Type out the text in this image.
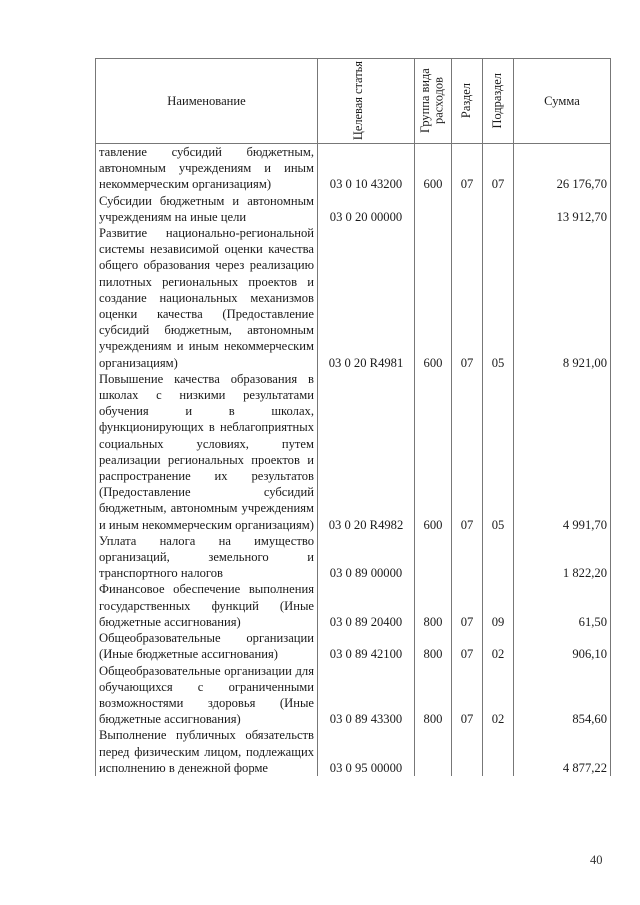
Наименование	Целевая статья	Группа вида расходов	Раздел	Подраздел	Сумма
тавление субсидий бюджетным, автономным учреждениям и иным некоммерческим организациям)	03 0 10 43200	600	07	07	26 176,70
Субсидии бюджетным и автономным учреждениям на иные цели	03 0 20 00000				13 912,70
Развитие национально-региональной системы независимой оценки качества общего образования через реализацию пилотных региональных проектов и создание национальных механизмов оценки качества (Предоставление субсидий бюджетным, автономным учреждениям и иным некоммерческим организациям)	03 0 20 R4981	600	07	05	8 921,00
Повышение качества образования в школах с низкими результатами обучения и в школах, функционирующих в неблагоприятных социальных условиях, путем реализации региональных проектов и распространение их результатов (Предоставление субсидий бюджетным, автономным учреждениям и иным некоммерческим организациям)	03 0 20 R4982	600	07	05	4 991,70
Уплата налога на имущество организаций, земельного и транспортного налогов	03 0 89 00000				1 822,20
Финансовое обеспечение выполнения государственных функций (Иные бюджетные ассигнования)	03 0 89 20400	800	07	09	61,50
Общеобразовательные организации (Иные бюджетные ассигнования)	03 0 89 42100	800	07	02	906,10
Общеобразовательные организации для обучающихся с ограниченными возможностями здоровья (Иные бюджетные ассигнования)	03 0 89 43300	800	07	02	854,60
Выполнение публичных обязательств перед физическим лицом, подлежащих исполнению в денежной форме	03 0 95 00000				4 877,22
40
